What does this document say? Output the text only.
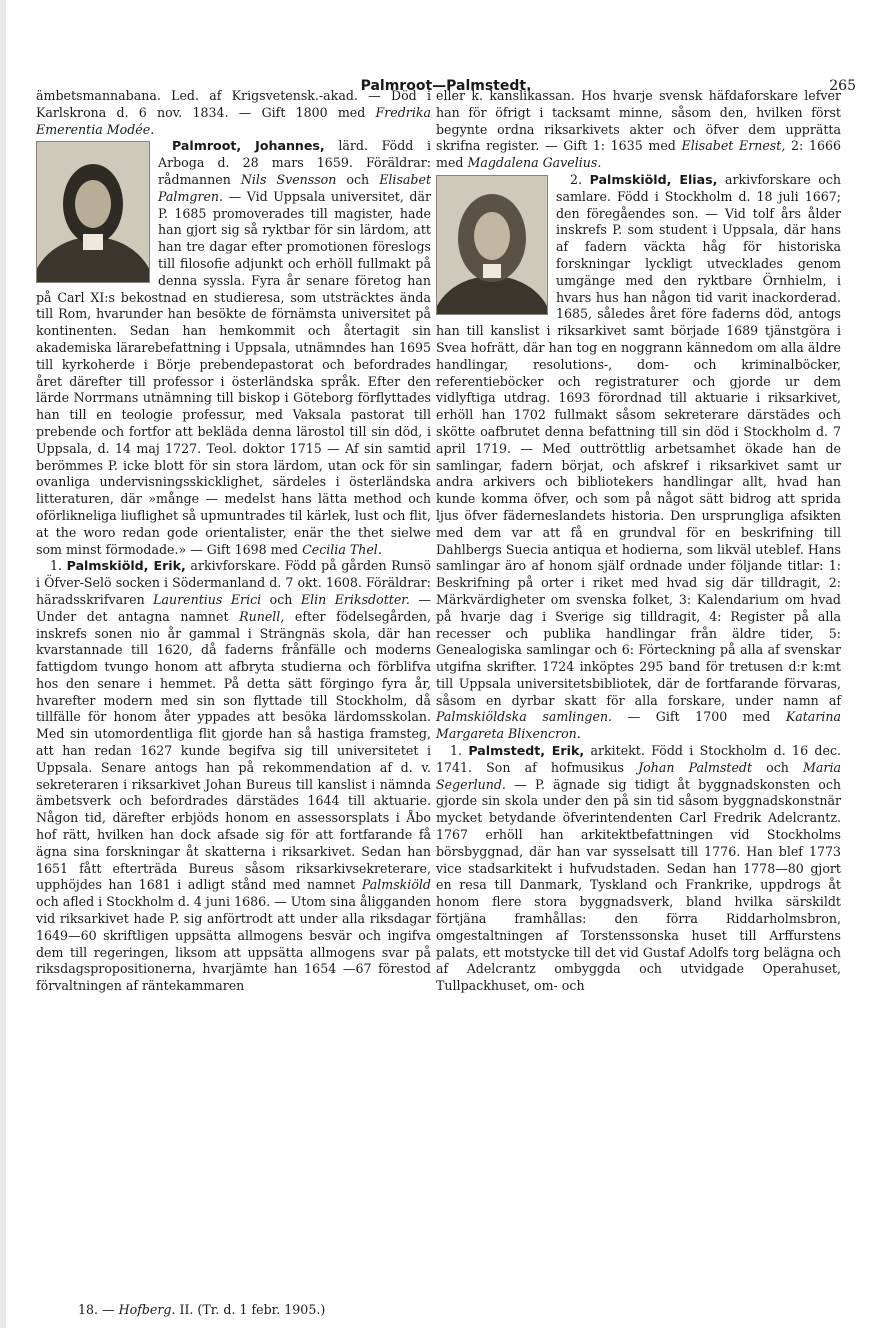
Palmroot—Palmstedt.	265

ämbetsmannabana. Led. af Krigsvetensk.-akad. — Död i Karlskrona d. 6 nov. 1834. — Gift 1800 med Fredrika Emerentia Modée.

Palmroot, Johannes, lärd. Född i Arboga d. 28 mars 1659. Föräldrar: rådmannen Nils Svensson och Elisabet Palmgren. — Vid Uppsala universitet, där P. 1685 promoverades till magister, hade han gjort sig så ryktbar för sin lärdom, att han tre dagar efter promotionen föreslogs till filosofie adjunkt och erhöll fullmakt på denna syssla. Fyra år senare företog han på Carl XI:s bekostnad en studieresa, som utsträcktes ända till Rom, hvarunder han besökte de förnämsta universitet på kontinenten. Sedan han hemkommit och återtagit sin akademiska lärarebefattning i Uppsala, utnämndes han 1695 till kyrkoherde i Börje prebendepastorat och befordrades året därefter till professor i österländska språk. Efter den lärde Norrmans utnämning till biskop i Göteborg förflyttades han till en teologie professur, med Vaksala pastorat till prebende och fortfor att bekläda denna lärostol till sin död, i Uppsala, d. 14 maj 1727. Teol. doktor 1715 — Af sin samtid berömmes P. icke blott för sin stora lärdom, utan ock för sin ovanliga undervisningsskicklighet, särdeles i österländska litteraturen, där »månge — medelst hans lätta method och oförlikneliga liuflighet så upmuntrades til kärlek, lust och flit, at the woro redan gode orientalister, enär the thet sielwe som minst förmodade.» — Gift 1698 med Cecilia Thel.

1. Palmskiöld, Erik, arkivforskare. Född på gården Runsö i Öfver-Selö socken i Södermanland d. 7 okt. 1608. Föräldrar: häradsskrifvaren Laurentius Erici och Elin Eriksdotter. — Under det antagna namnet Runell, efter födelsegården, inskrefs sonen nio år gammal i Strängnäs skola, där han kvarstannade till 1620, då faderns frånfälle och moderns fattigdom tvungo honom att afbryta studierna och förblifva hos den senare i hemmet. På detta sätt förgingo fyra år, hvarefter modern med sin son flyttade till Stockholm, då tillfälle för honom åter yppades att besöka lärdomsskolan. Med sin utomordentliga flit gjorde han så hastiga framsteg, att han redan 1627 kunde begifva sig till universitetet i Uppsala. Senare antogs han på rekommendation af d. v. sekreteraren i riksarkivet Johan Bureus till kanslist i nämnda ämbetsverk och befordrades därstädes 1644 till aktuarie. Någon tid, därefter erbjöds honom en assessorsplats i Åbo hof rätt, hvilken han dock afsade sig för att fortfarande få ägna sina forskningar åt skatterna i riksarkivet. Sedan han 1651 fått efterträda Bureus såsom riksarkivsekreterare, upphöjdes han 1681 i adligt stånd med namnet Palmskiöld och afled i Stockholm d. 4 juni 1686. — Utom sina åligganden vid riksarkivet hade P. sig anförtrodt att under alla riksdagar 1649—60 skriftligen uppsätta allmogens besvär och ingifva dem till regeringen, liksom att uppsätta allmogens svar på riksdagspropositionerna, hvarjämte han 1654 —67 förestod förvaltningen af räntekammaren

eller k. kanslikassan. Hos hvarje svensk häfdaforskare lefver han för öfrigt i tacksamt minne, såsom den, hvilken först begynte ordna riksarkivets akter och öfver dem upprätta skrifna register. — Gift 1: 1635 med Elisabet Ernest, 2: 1666 med Magdalena Gavelius.

2. Palmskiöld, Elias,
arkivforskare och samlare. Född i Stockholm d. 18 juli 1667; den föregåendes son. — Vid tolf års ålder inskrefs P. som student i Uppsala, där hans af fadern väckta håg för historiska forskningar lyckligt utvecklades genom umgänge med den ryktbare Örnhielm, i hvars hus han någon tid varit inackorderad. 1685, således året före faderns död, antogs han till kanslist i riksarkivet samt började 1689 tjänstgöra i Svea hofrätt, där han tog en noggrann kännedom om alla äldre handlingar, resolutions-, dom- och kriminalböcker, referentieböcker och registraturer och gjorde ur dem vidlyftiga utdrag. 1693 förordnad till aktuarie i riksarkivet, erhöll han 1702 fullmakt såsom sekreterare därstädes och skötte oafbrutet denna befattning till sin död i Stockholm d. 7 april 1719. — Med outtröttlig arbetsamhet ökade han de samlingar, fadern börjat, och afskref i riksarkivet samt ur andra arkivers och bibliotekers handlingar allt, hvad han kunde komma öfver, och som på något sätt bidrog att sprida ljus öfver fäderneslandets historia. Den ursprungliga afsikten med dem var att få en grundval för en beskrifning till Dahlbergs Suecia antiqua et hodierna, som likväl uteblef. Hans samlingar äro af honom själf ordnade under följande titlar: 1: Beskrifning på orter i riket med hvad sig där tilldragit, 2: Märkvärdigheter om svenska folket, 3: Kalendarium om hvad på hvarje dag i Sverige sig tilldragit, 4: Register på alla recesser och publika handlingar från äldre tider, 5: Genealogiska samlingar och 6: Förteckning på alla af svenskar utgifna skrifter. 1724 inköptes 295 band för tretusen d:r k:mt till Uppsala universitetsbibliotek, där de fortfarande förvaras, såsom en dyrbar skatt för alla forskare, under namn af Palmskiöldska samlingen. — Gift 1700 med Katarina Margareta Blixencron.

1. Palmstedt, Erik, arkitekt. Född i Stockholm d. 16 dec. 1741. Son af hofmusikus Johan Palmstedt och Maria Segerlund. — P. ägnade sig tidigt åt byggnadskonsten och gjorde sin skola under den på sin tid såsom byggnadskonstnär mycket betydande öfverintendenten Carl Fredrik Adelcrantz. 1767 erhöll han arkitektbefattningen vid Stockholms börsbyggnad, där han var sysselsatt till 1776. Han blef 1773 vice stadsarkitekt i hufvudstaden. Sedan han 1778—80 gjort en resa till Danmark, Tyskland och Frankrike, uppdrogs åt honom flere stora byggnadsverk, bland hvilka särskildt förtjäna framhållas: den förra Riddarholmsbron, omgestaltningen af Torstenssonska huset till Arffurstens palats, ett motstycke till det vid Gustaf Adolfs torg belägna och af Adelcrantz ombyggda och utvidgade Operahuset, Tullpackhuset, om- och

18. — Hofberg. II. (Tr. d. 1 febr. 1905.)
